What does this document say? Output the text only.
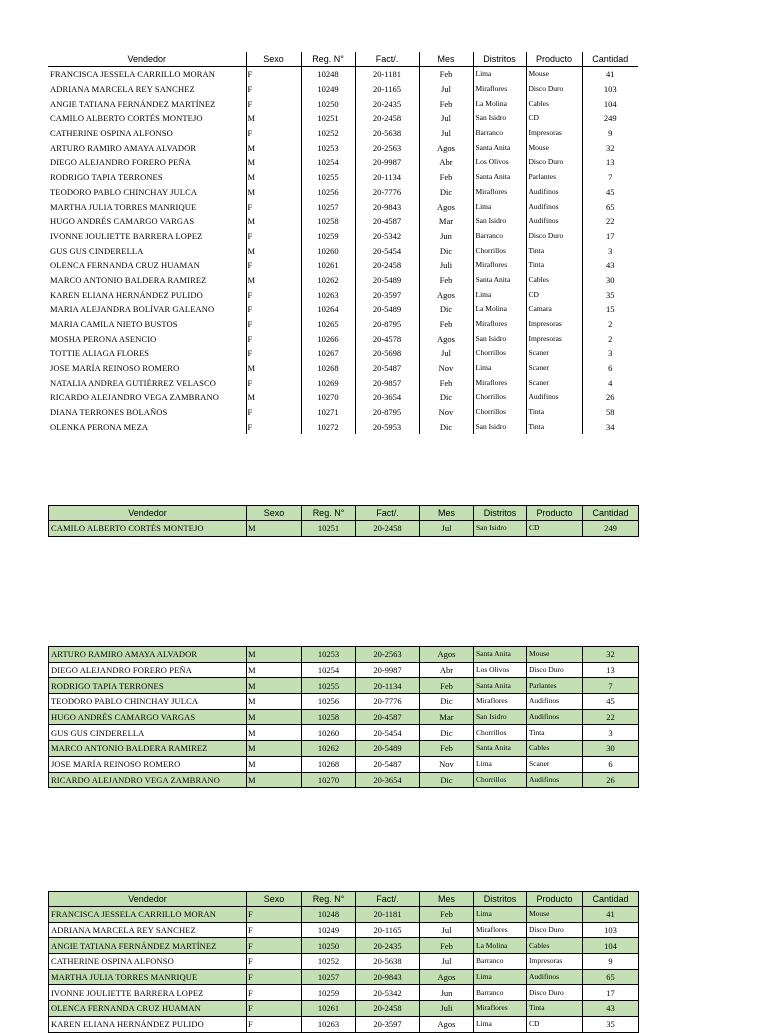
Vendedor	Sexo	Reg. N°	Fact/.	Mes	Distritos	Producto	Cantidad
FRANCISCA JESSELA CARRILLO MORAN	F	10248	20-1181	Feb	Lima	Mouse	41
ADRIANA MARCELA REY SANCHEZ	F	10249	20-1165	Jul	Miraflores	Disco Duro	103
ANGIE TATIANA FERNÁNDEZ MARTÍNEZ	F	10250	20-2435	Feb	La Molina	Cables	104
CAMILO ALBERTO CORTÉS MONTEJO	M	10251	20-2458	Jul	San Isidro	CD	249
CATHERINE OSPINA ALFONSO	F	10252	20-5638	Jul	Barranco	Impresoras	9
ARTURO RAMIRO AMAYA ALVADOR	M	10253	20-2563	Agos	Santa Anita	Mouse	32
DIEGO ALEJANDRO FORERO PEÑA	M	10254	20-9987	Abr	Los Olivos	Disco Duro	13
RODRIGO TAPIA TERRONES	M	10255	20-1134	Feb	Santa Anita	Parlantes	7
TEODORO PABLO CHINCHAY JULCA	M	10256	20-7776	Dic	Miraflores	Audifinos	45
MARTHA JULIA TORRES MANRIQUE	F	10257	20-9843	Agos	Lima	Audifinos	65
HUGO ANDRÉS CAMARGO VARGAS	M	10258	20-4587	Mar	San Isidro	Audifinos	22
IVONNE JOULIETTE BARRERA LOPEZ	F	10259	20-5342	Jun	Barranco	Disco Duro	17
GUS GUS CINDERELLA	M	10260	20-5454	Dic	Chorrillos	Tinta	3
OLENCA FERNANDA CRUZ HUAMAN	F	10261	20-2458	Juli	Miraflores	Tinta	43
MARCO ANTONIO BALDERA RAMIREZ	M	10262	20-5489	Feb	Santa Anita	Cables	30
KAREN ELIANA HERNÁNDEZ PULIDO	F	10263	20-3597	Agos	Lima	CD	35
MARIA ALEJANDRA BOLÍVAR GALEANO	F	10264	20-5489	Dic	La Molina	Camara	15
MARIA CAMILA NIETO BUSTOS	F	10265	20-8795	Feb	Miraflores	Impresoras	2
MOSHA PERONA ASENCIO	F	10266	20-4578	Agos	San Isidro	Impresoras	2
TOTTIE ALIAGA FLORES	F	10267	20-5698	Jul	Chorrillos	Scaner	3
JOSE MARÍA REINOSO ROMERO	M	10268	20-5487	Nov	Lima	Scaner	6
NATALIA ANDREA GUTIÉRREZ VELASCO	F	10269	20-9857	Feb	Miraflores	Scaner	4
RICARDO ALEJANDRO VEGA ZAMBRANO	M	10270	20-3654	Dic	Chorrillos	Audifinos	26
DIANA TERRONES BOLAÑOS	F	10271	20-8795	Nov	Chorrillos	Tinta	58
OLENKA PERONA MEZA	F	10272	20-5953	Dic	San Isidro	Tinta	34
Vendedor	Sexo	Reg. N°	Fact/.	Mes	Distritos	Producto	Cantidad
CAMILO ALBERTO CORTÉS MONTEJO	M	10251	20-2458	Jul	San Isidro	CD	249
ARTURO RAMIRO AMAYA ALVADOR	M	10253	20-2563	Agos	Santa Anita	Mouse	32
DIEGO ALEJANDRO FORERO PEÑA	M	10254	20-9987	Abr	Los Olivos	Disco Duro	13
RODRIGO TAPIA TERRONES	M	10255	20-1134	Feb	Santa Anita	Parlantes	7
TEODORO PABLO CHINCHAY JULCA	M	10256	20-7776	Dic	Miraflores	Audifinos	45
HUGO ANDRÉS CAMARGO VARGAS	M	10258	20-4587	Mar	San Isidro	Audifinos	22
GUS GUS CINDERELLA	M	10260	20-5454	Dic	Chorrillos	Tinta	3
MARCO ANTONIO BALDERA RAMIREZ	M	10262	20-5489	Feb	Santa Anita	Cables	30
JOSE MARÍA REINOSO ROMERO	M	10268	20-5487	Nov	Lima	Scaner	6
RICARDO ALEJANDRO VEGA ZAMBRANO	M	10270	20-3654	Dic	Chorrillos	Audifinos	26
Vendedor	Sexo	Reg. N°	Fact/.	Mes	Distritos	Producto	Cantidad
FRANCISCA JESSELA CARRILLO MORAN	F	10248	20-1181	Feb	Lima	Mouse	41
ADRIANA MARCELA REY SANCHEZ	F	10249	20-1165	Jul	Miraflores	Disco Duro	103
ANGIE TATIANA FERNÁNDEZ MARTÍNEZ	F	10250	20-2435	Feb	La Molina	Cables	104
CATHERINE OSPINA ALFONSO	F	10252	20-5638	Jul	Barranco	Impresoras	9
MARTHA JULIA TORRES MANRIQUE	F	10257	20-9843	Agos	Lima	Audifinos	65
IVONNE JOULIETTE BARRERA LOPEZ	F	10259	20-5342	Jun	Barranco	Disco Duro	17
OLENCA FERNANDA CRUZ HUAMAN	F	10261	20-2458	Juli	Miraflores	Tinta	43
KAREN ELIANA HERNÁNDEZ PULIDO	F	10263	20-3597	Agos	Lima	CD	35
